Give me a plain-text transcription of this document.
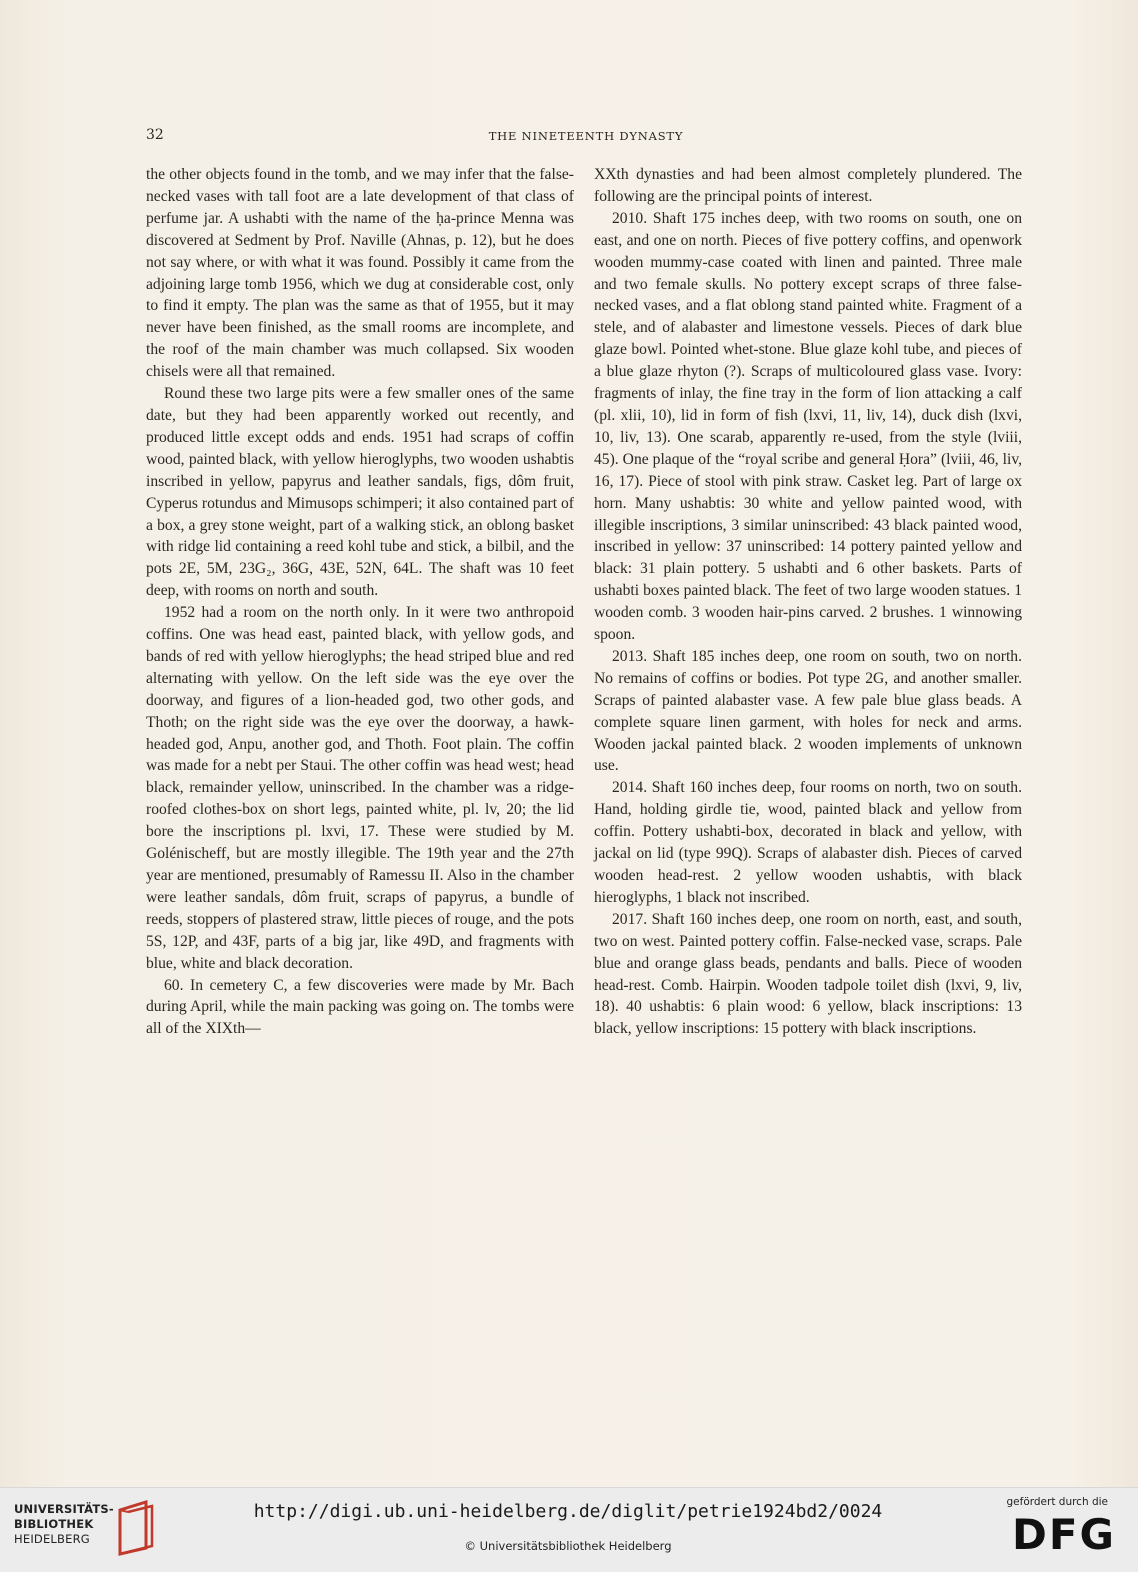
32	THE NINETEENTH DYNASTY

the other objects found in the tomb, and we may infer that the false-necked vases with tall foot are a late development of that class of perfume jar. A ushabti with the name of the ḥa-prince Menna was discovered at Sedment by Prof. Naville (Ahnas, p. 12), but he does not say where, or with what it was found. Possibly it came from the adjoining large tomb 1956, which we dug at considerable cost, only to find it empty. The plan was the same as that of 1955, but it may never have been finished, as the small rooms are incomplete, and the roof of the main chamber was much collapsed. Six wooden chisels were all that remained.

Round these two large pits were a few smaller ones of the same date, but they had been apparently worked out recently, and produced little except odds and ends. 1951 had scraps of coffin wood, painted black, with yellow hieroglyphs, two wooden ushabtis inscribed in yellow, papyrus and leather sandals, figs, dôm fruit, Cyperus rotundus and Mimusops schimperi; it also contained part of a box, a grey stone weight, part of a walking stick, an oblong basket with ridge lid containing a reed kohl tube and stick, a bilbil, and the pots 2E, 5M, 23G₂, 36G, 43E, 52N, 64L. The shaft was 10 feet deep, with rooms on north and south.

1952 had a room on the north only. In it were two anthropoid coffins. One was head east, painted black, with yellow gods, and bands of red with yellow hieroglyphs; the head striped blue and red alternating with yellow. On the left side was the eye over the doorway, and figures of a lion-headed god, two other gods, and Thoth; on the right side was the eye over the doorway, a hawk-headed god, Anpu, another god, and Thoth. Foot plain. The coffin was made for a nebt per Staui. The other coffin was head west; head black, remainder yellow, uninscribed. In the chamber was a ridge-roofed clothes-box on short legs, painted white, pl. lv, 20; the lid bore the inscriptions pl. lxvi, 17. These were studied by M. Golénischeff, but are mostly illegible. The 19th year and the 27th year are mentioned, presumably of Ramessu II. Also in the chamber were leather sandals, dôm fruit, scraps of papyrus, a bundle of reeds, stoppers of plastered straw, little pieces of rouge, and the pots 5S, 12P, and 43F, parts of a big jar, like 49D, and fragments with blue, white and black decoration.

60. In cemetery C, a few discoveries were made by Mr. Bach during April, while the main packing was going on. The tombs were all of the XIXth—

XXth dynasties and had been almost completely plundered. The following are the principal points of interest.

2010. Shaft 175 inches deep, with two rooms on south, one on east, and one on north. Pieces of five pottery coffins, and openwork wooden mummy-case coated with linen and painted. Three male and two female skulls. No pottery except scraps of three false-necked vases, and a flat oblong stand painted white. Fragment of a stele, and of alabaster and limestone vessels. Pieces of dark blue glaze bowl. Pointed whet-stone. Blue glaze kohl tube, and pieces of a blue glaze rhyton (?). Scraps of multicoloured glass vase. Ivory: fragments of inlay, the fine tray in the form of lion attacking a calf (pl. xlii, 10), lid in form of fish (lxvi, 11, liv, 14), duck dish (lxvi, 10, liv, 13). One scarab, apparently re-used, from the style (lviii, 45). One plaque of the “royal scribe and general Ḥora” (lviii, 46, liv, 16, 17). Piece of stool with pink straw. Casket leg. Part of large ox horn. Many ushabtis: 30 white and yellow painted wood, with illegible inscriptions, 3 similar uninscribed: 43 black painted wood, inscribed in yellow: 37 uninscribed: 14 pottery painted yellow and black: 31 plain pottery. 5 ushabti and 6 other baskets. Parts of ushabti boxes painted black. The feet of two large wooden statues. 1 wooden comb. 3 wooden hair-pins carved. 2 brushes. 1 winnowing spoon.

2013. Shaft 185 inches deep, one room on south, two on north. No remains of coffins or bodies. Pot type 2G, and another smaller. Scraps of painted alabaster vase. A few pale blue glass beads. A complete square linen garment, with holes for neck and arms. Wooden jackal painted black. 2 wooden implements of unknown use.

2014. Shaft 160 inches deep, four rooms on north, two on south. Hand, holding girdle tie, wood, painted black and yellow from coffin. Pottery ushabti-box, decorated in black and yellow, with jackal on lid (type 99Q). Scraps of alabaster dish. Pieces of carved wooden head-rest. 2 yellow wooden ushabtis, with black hieroglyphs, 1 black not inscribed.

2017. Shaft 160 inches deep, one room on north, east, and south, two on west. Painted pottery coffin. False-necked vase, scraps. Pale blue and orange glass beads, pendants and balls. Piece of wooden head-rest. Comb. Hairpin. Wooden tadpole toilet dish (lxvi, 9, liv, 18). 40 ushabtis: 6 plain wood: 6 yellow, black inscriptions: 13 black, yellow inscriptions: 15 pottery with black inscriptions.

UNIVERSITÄTS-
BIBLIOTHEK
HEIDELBERG
http://digi.ub.uni-heidelberg.de/diglit/petrie1924bd2/0024
© Universitätsbibliothek Heidelberg
gefördert durch die
DFG
